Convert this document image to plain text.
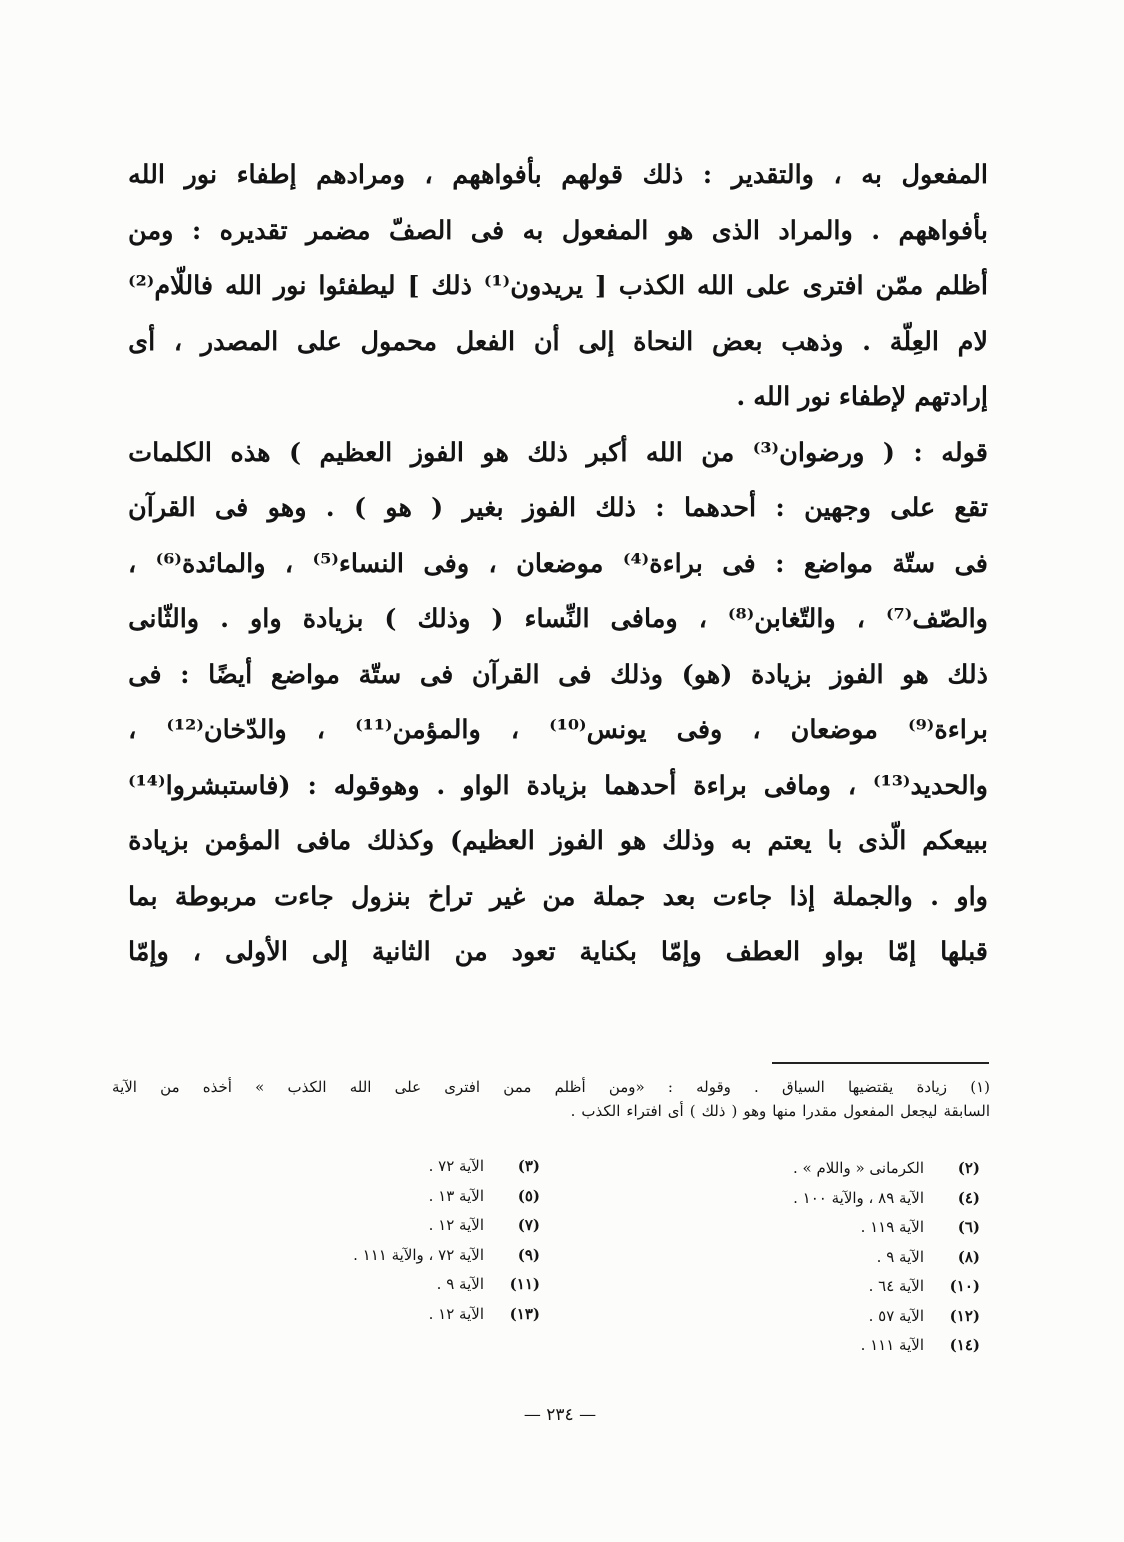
المفعول
به
،
والتقدير
:
ذلك
قولهم
بأفواههم
،
ومرادهم
إطفاء
نور
الله
بأفواههم
.
والمراد
الذى
هو
المفعول
به
فى
الصفّ
مضمر
تقديره
:
ومن
أظلم
ممّن
افترى
على
الله
الكذب
[
يريدون⁽¹⁾
ذلك
]
ليطفئوا
نور
الله
فاللّام⁽²⁾
لام
العِلّة
.
وذهب
بعض
النحاة
إلى
أن
الفعل
محمول
على
المصدر
،
أى
إرادتهم
لإطفاء
نور
الله
.
قوله
:
(
ورضوان⁽³⁾
من
الله
أكبر
ذلك
هو
الفوز
العظيم
)
هذه
الكلمات
تقع
على
وجهين
:
أحدهما
:
ذلك
الفوز
بغير
(
هو
)
.
وهو
فى
القرآن
فى
ستّة
مواضع
:
فى
براءة⁽⁴⁾
موضعان
،
وفى
النساء⁽⁵⁾
،
والمائدة⁽⁶⁾
،
والصّف⁽⁷⁾
،
والتّغابن⁽⁸⁾
،
ومافى
النِّساء
(
وذلك
)
بزيادة
واو
.
والثّانى
ذلك
هو
الفوز
بزيادة
(هو)
وذلك
فى
القرآن
فى
ستّة
مواضع
أيضًا
:
فى
براءة⁽⁹⁾
موضعان
،
وفى
يونس⁽¹⁰⁾
،
والمؤمن⁽¹¹⁾
،
والدّخان⁽¹²⁾
،
والحديد⁽¹³⁾
،
ومافى
براءة
أحدهما
بزيادة
الواو
.
وهوقوله
:
(فاستبشروا⁽¹⁴⁾
ببيعكم
الّذى
با
يعتم
به
وذلك
هو
الفوز
العظيم)
وكذلك
مافى
المؤمن
بزيادة
واو
.
والجملة
إذا
جاءت
بعد
جملة
من
غير
تراخ
بنزول
جاءت
مربوطة
بما
قبلها
إمّا
بواو
العطف
وإمّا
بكناية
تعود
من
الثانية
إلى
الأولى
،
وإمّا
(١)
زيادة
يقتضيها
السياق
.
وقوله
:
«ومن
أظلم
ممن
افترى
على
الله
الكذب
»
أخذه
من
الآية
السابقة
ليجعل
المفعول
مقدرا
منها
وهو
(
ذلك
)
أى
افتراء
الكذب
.
(٢)
الكرمانى « واللام » .
(٤)
الآية ٨٩ ، والآية ١٠٠ .
(٦)
الآية ١١٩ .
(٨)
الآية ٩ .
(١٠)
الآية ٦٤ .
(١٢)
الآية ٥٧ .
(١٤)
الآية ١١١ .
(٣)
الآية ٧٢ .
(٥)
الآية ١٣ .
(٧)
الآية ١٢ .
(٩)
الآية ٧٢ ، والآية ١١١ .
(١١)
الآية ٩ .
(١٣)
الآية ١٢ .
— ٢٣٤ —
